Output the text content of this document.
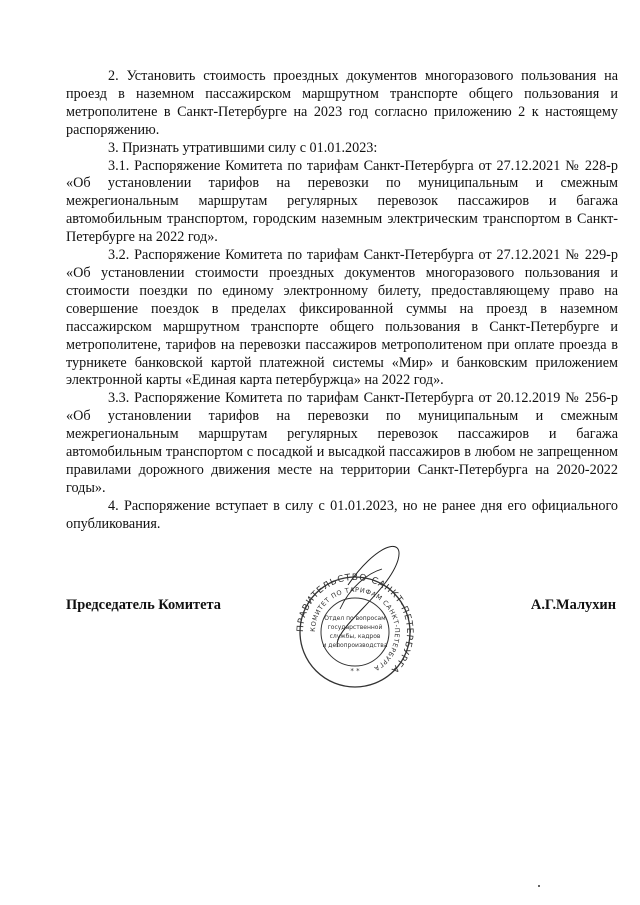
2. Установить стоимость проездных документов многоразового пользования на проезд в наземном пассажирском маршрутном транспорте общего пользования и метрополитене в Санкт-Петербурге на 2023 год согласно приложению 2 к настоящему распоряжению.

3. Признать утратившими силу с 01.01.2023:

3.1. Распоряжение Комитета по тарифам Санкт-Петербурга от 27.12.2021 № 228-р «Об установлении тарифов на перевозки по муниципальным и смежным межрегиональным маршрутам регулярных перевозок пассажиров и багажа автомобильным транспортом, городским наземным электрическим транспортом в Санкт-Петербурге на 2022 год».

3.2. Распоряжение Комитета по тарифам Санкт-Петербурга от 27.12.2021 № 229-р «Об установлении стоимости проездных документов многоразового пользования и стоимости поездки по единому электронному билету, предоставляющему право на совершение поездок в пределах фиксированной суммы на проезд в наземном пассажирском маршрутном транспорте общего пользования в Санкт-Петербурге и метрополитене, тарифов на перевозки пассажиров метрополитеном при оплате проезда в турникете банковской картой платежной системы «Мир» и банковским приложением электронной карты «Единая карта петербуржца» на 2022 год».

3.3. Распоряжение Комитета по тарифам Санкт-Петербурга от 20.12.2019 № 256-р «Об установлении тарифов на перевозки по муниципальным и смежным межрегиональным маршрутам регулярных перевозок пассажиров и багажа автомобильным транспортом с посадкой и высадкой пассажиров в любом не запрещенном правилами дорожного движения месте на территории Санкт-Петербурга на 2020-2022 годы».

4. Распоряжение вступает в силу с 01.01.2023, но не ранее дня его официального опубликования.

Председатель Комитета	А.Г.Малухин
ПРАВИТЕЛЬСТВО САНКТ-ПЕТЕРБУРГА
КОМИТЕТ ПО ТАРИФАМ САНКТ-ПЕТЕРБУРГА
Отдел по вопросам
государственной
службы, кадров
и делопроизводства
* *
